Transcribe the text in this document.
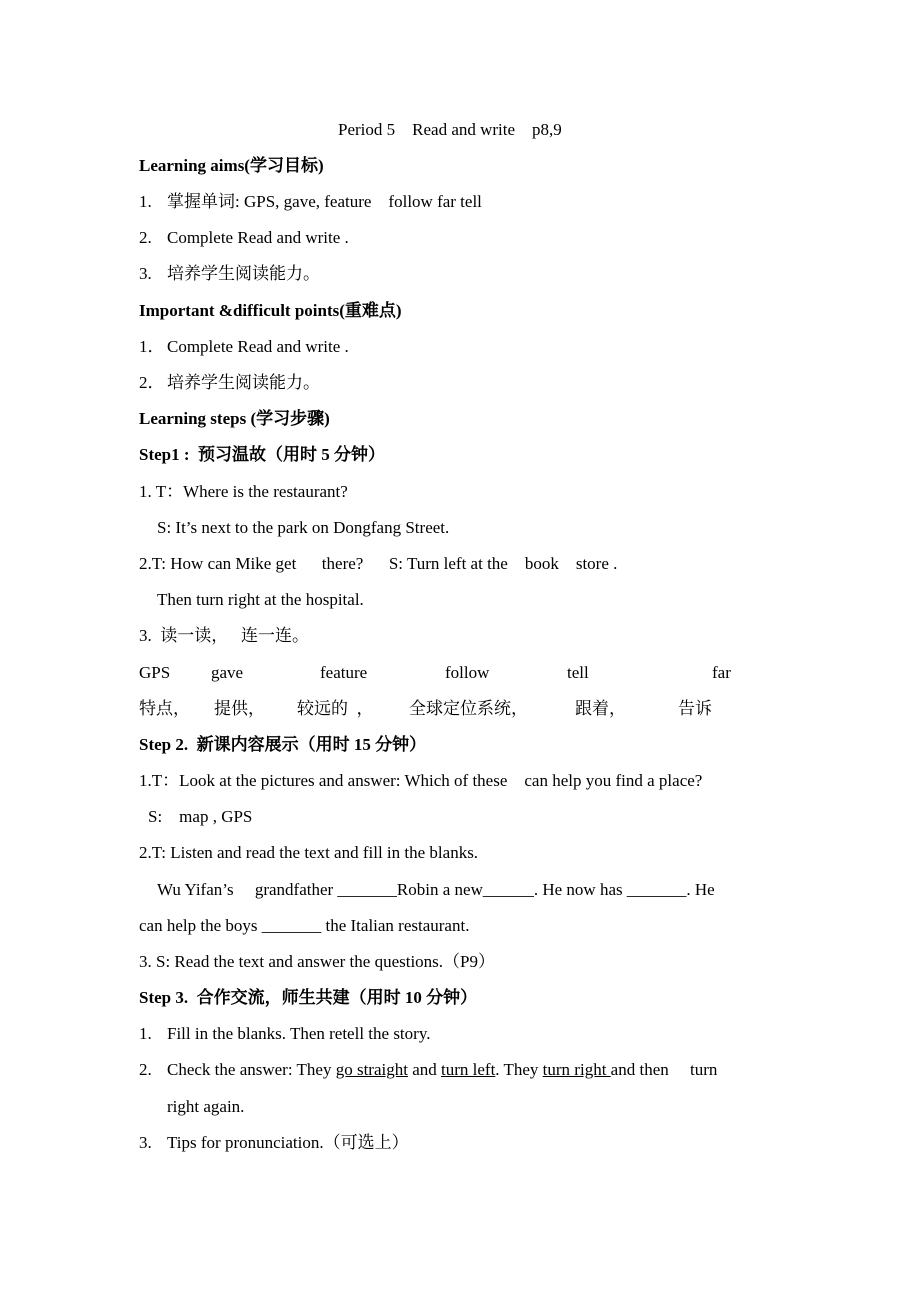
Period 5    Read and write    p8,9
Learning aims(学习目标)
1. 掌握单词: GPS, gave, feature    follow far tell
2. Complete Read and write .
3. 培养学生阅读能力。
Important &difficult points(重难点)
1． Complete Read and write .
2． 培养学生阅读能力。
Learning steps (学习步骤)
Step1 :  预习温故（用时 5 分钟）
1. T：Where is the restaurant?
S: It’s next to the park on Dongfang Street.
2.T: How can Mike get      there?      S: Turn left at the    book    store .
Then turn right at the hospital.
3.  读一读，   连一连。
GPS gave	feature	follow	tell	far
特点， 提供， 较远的  ， 全球定位系统，	跟着，	告诉
Step 2.  新课内容展示（用时 15 分钟）
1.T：Look at the pictures and answer: Which of these    can help you find a place?
S:    map , GPS
2.T: Listen and read the text and fill in the blanks.
Wu Yifan’s     grandfather _______Robin a new______. He now has _______. He
can help the boys _______ the Italian restaurant.
3. S: Read the text and answer the questions.（P9）
Step 3.  合作交流，师生共建（用时 10 分钟）
1. Fill in the blanks. Then retell the story.
2. Check the answer: They go straight and turn left. They turn right and then     turn
right again.
3. Tips for pronunciation.（可选上）
